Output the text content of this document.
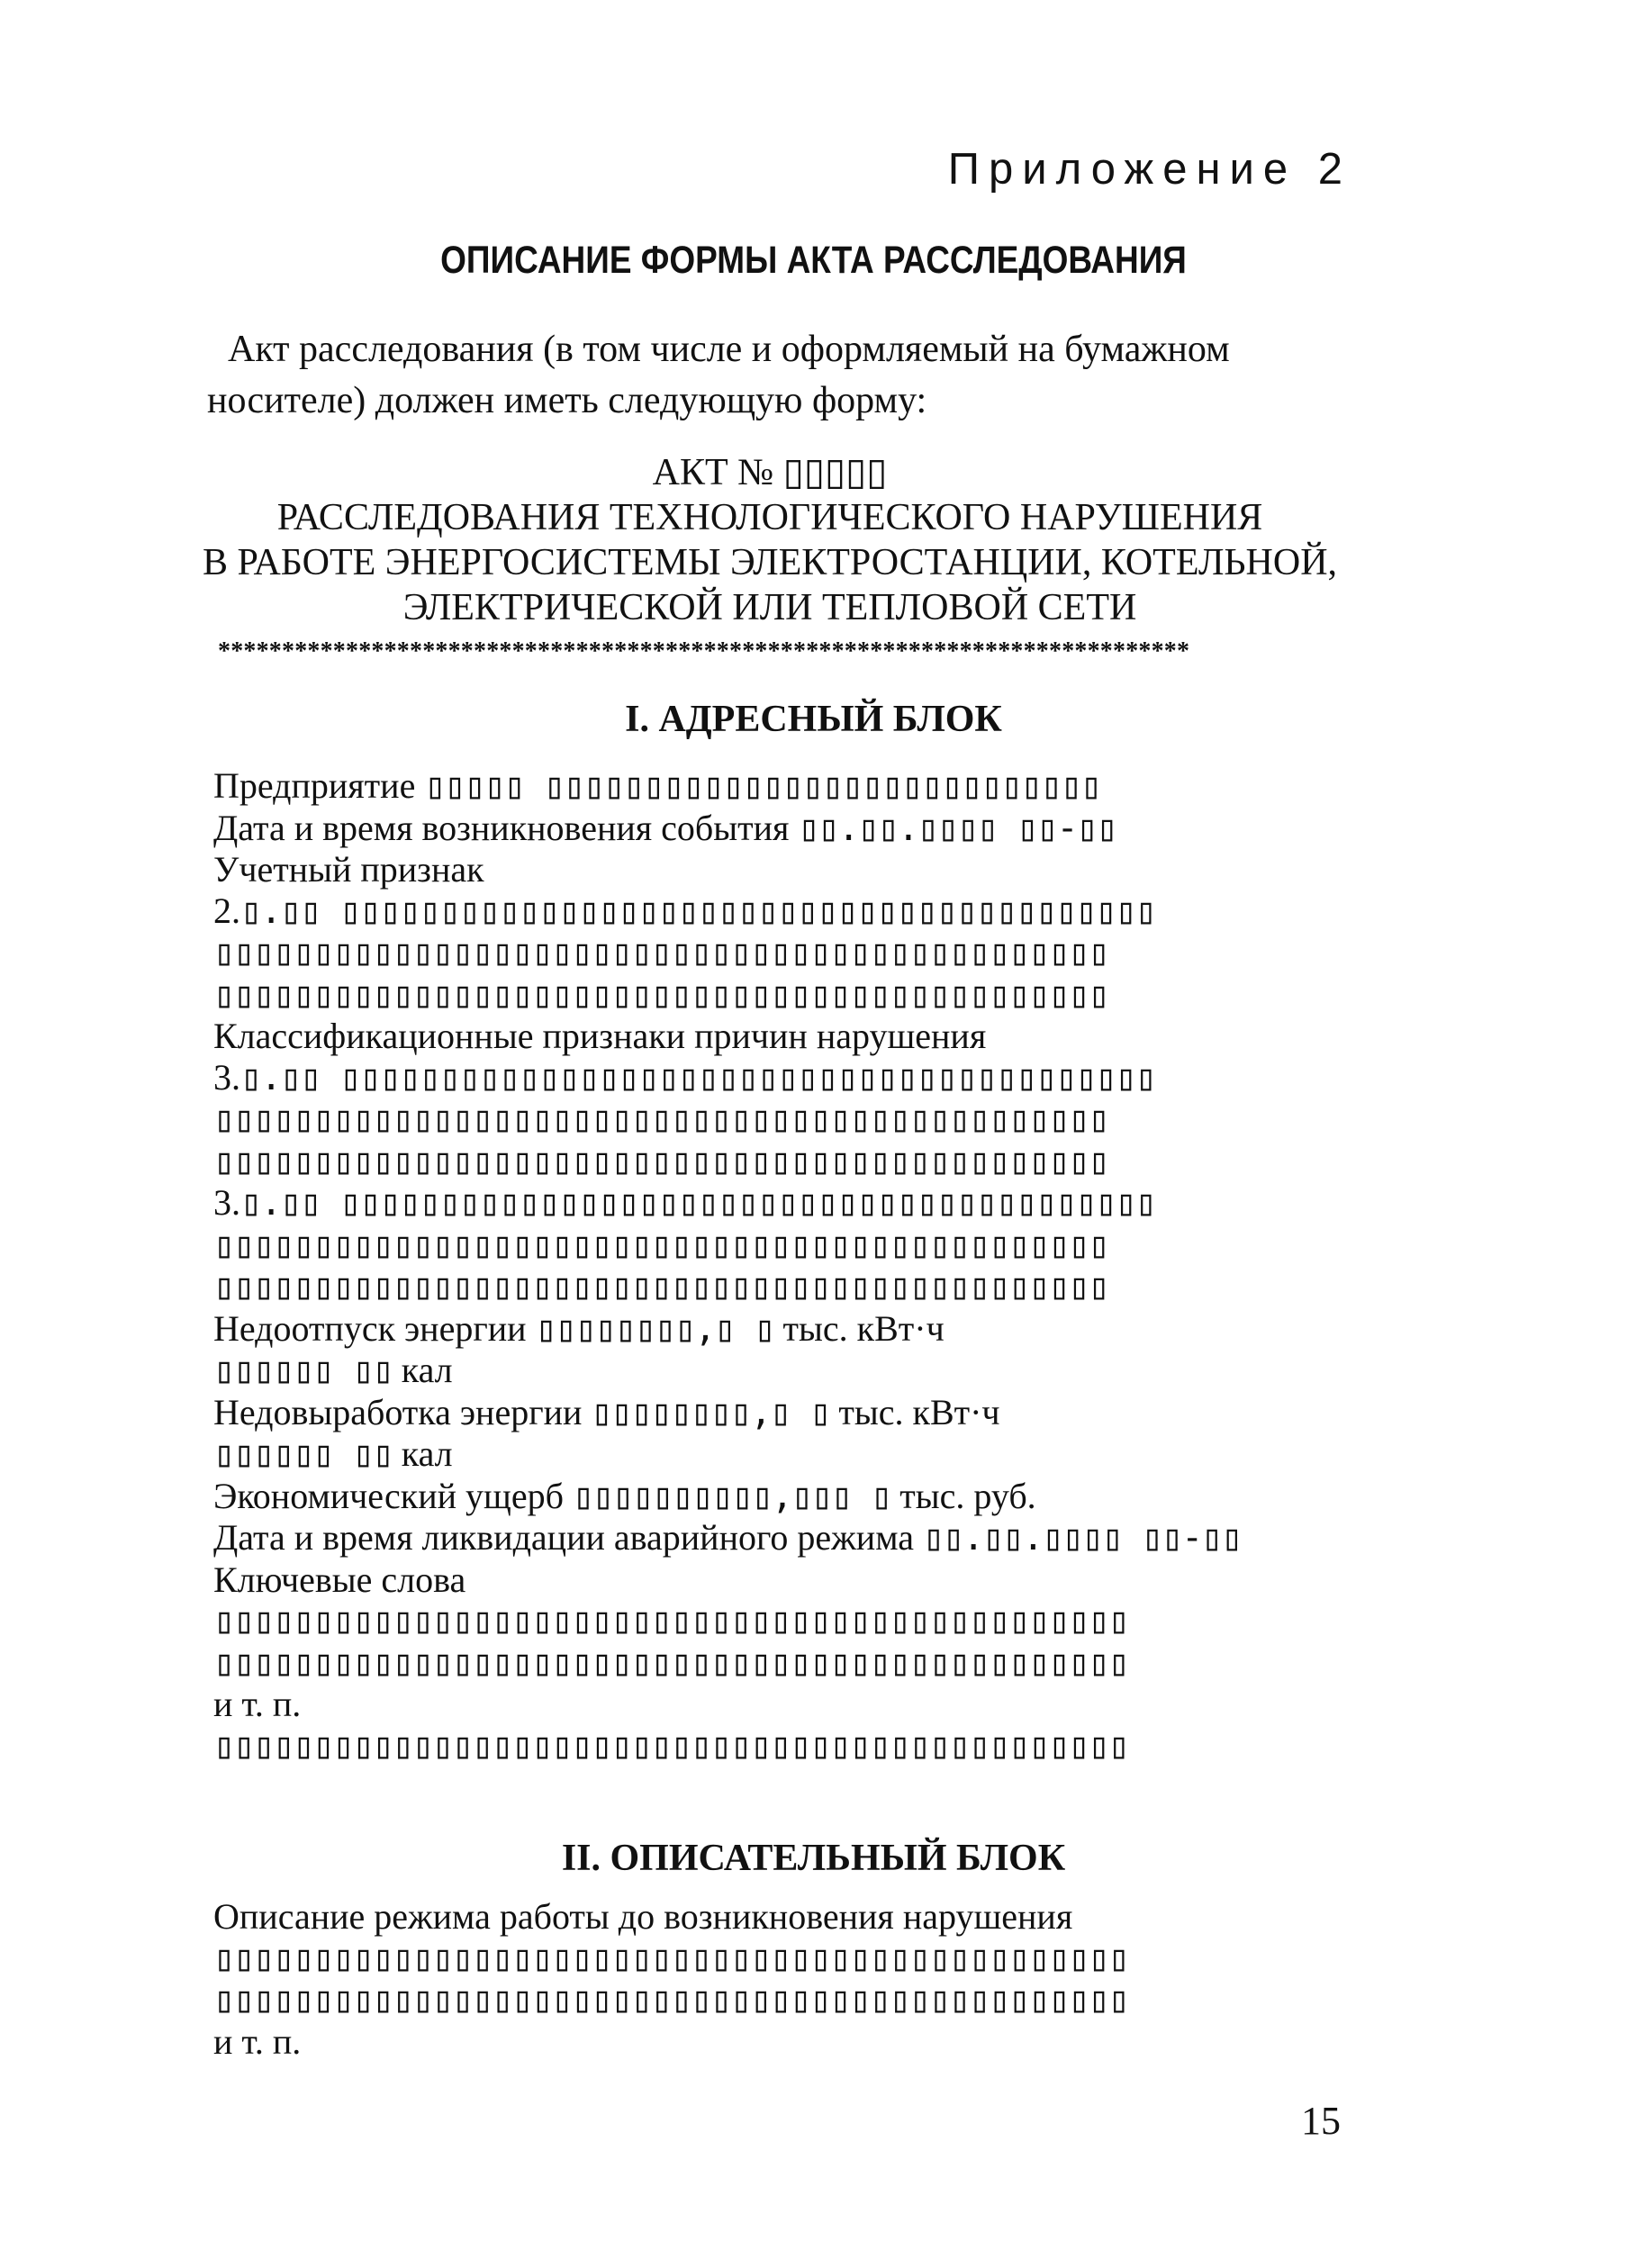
Приложение 2

ОПИСАНИЕ ФОРМЫ АКТА РАССЛЕДОВАНИЯ

Акт расследования (в том числе и оформляемый на бумажном носителе) должен иметь следующую форму:

АКТ № ▯▯▯▯▯
РАССЛЕДОВАНИЯ ТЕХНОЛОГИЧЕСКОГО НАРУШЕНИЯ
В РАБОТЕ ЭНЕРГОСИСТЕМЫ ЭЛЕКТРОСТАНЦИИ, КОТЕЛЬНОЙ,
ЭЛЕКТРИЧЕСКОЙ ИЛИ ТЕПЛОВОЙ СЕТИ
****************************************************************************
I. АДРЕСНЫЙ БЛОК
Предприятие ▯▯▯▯▯ ▯▯▯▯▯▯▯▯▯▯▯▯▯▯▯▯▯▯▯▯▯▯▯▯▯▯▯▯
Дата и время возникновения события ▯▯.▯▯.▯▯▯▯ ▯▯-▯▯
Учетный признак
2.▯.▯▯ ▯▯▯▯▯▯▯▯▯▯▯▯▯▯▯▯▯▯▯▯▯▯▯▯▯▯▯▯▯▯▯▯▯▯▯▯▯▯▯▯▯
▯▯▯▯▯▯▯▯▯▯▯▯▯▯▯▯▯▯▯▯▯▯▯▯▯▯▯▯▯▯▯▯▯▯▯▯▯▯▯▯▯▯▯▯▯
▯▯▯▯▯▯▯▯▯▯▯▯▯▯▯▯▯▯▯▯▯▯▯▯▯▯▯▯▯▯▯▯▯▯▯▯▯▯▯▯▯▯▯▯▯
Классификационные признаки причин нарушения
3.▯.▯▯ ▯▯▯▯▯▯▯▯▯▯▯▯▯▯▯▯▯▯▯▯▯▯▯▯▯▯▯▯▯▯▯▯▯▯▯▯▯▯▯▯▯
▯▯▯▯▯▯▯▯▯▯▯▯▯▯▯▯▯▯▯▯▯▯▯▯▯▯▯▯▯▯▯▯▯▯▯▯▯▯▯▯▯▯▯▯▯
▯▯▯▯▯▯▯▯▯▯▯▯▯▯▯▯▯▯▯▯▯▯▯▯▯▯▯▯▯▯▯▯▯▯▯▯▯▯▯▯▯▯▯▯▯
3.▯.▯▯ ▯▯▯▯▯▯▯▯▯▯▯▯▯▯▯▯▯▯▯▯▯▯▯▯▯▯▯▯▯▯▯▯▯▯▯▯▯▯▯▯▯
▯▯▯▯▯▯▯▯▯▯▯▯▯▯▯▯▯▯▯▯▯▯▯▯▯▯▯▯▯▯▯▯▯▯▯▯▯▯▯▯▯▯▯▯▯
▯▯▯▯▯▯▯▯▯▯▯▯▯▯▯▯▯▯▯▯▯▯▯▯▯▯▯▯▯▯▯▯▯▯▯▯▯▯▯▯▯▯▯▯▯
Недоотпуск энергии ▯▯▯▯▯▯▯▯,▯ ▯ тыс. кВт·ч
▯▯▯▯▯▯ ▯▯ кал
Недовыработка энергии ▯▯▯▯▯▯▯▯,▯ ▯ тыс. кВт·ч
▯▯▯▯▯▯ ▯▯ кал
Экономический ущерб ▯▯▯▯▯▯▯▯▯▯,▯▯▯ ▯ тыс. руб.
Дата и время ликвидации аварийного режима ▯▯.▯▯.▯▯▯▯ ▯▯-▯▯
Ключевые слова
▯▯▯▯▯▯▯▯▯▯▯▯▯▯▯▯▯▯▯▯▯▯▯▯▯▯▯▯▯▯▯▯▯▯▯▯▯▯▯▯▯▯▯▯▯▯
▯▯▯▯▯▯▯▯▯▯▯▯▯▯▯▯▯▯▯▯▯▯▯▯▯▯▯▯▯▯▯▯▯▯▯▯▯▯▯▯▯▯▯▯▯▯
и т. п.
▯▯▯▯▯▯▯▯▯▯▯▯▯▯▯▯▯▯▯▯▯▯▯▯▯▯▯▯▯▯▯▯▯▯▯▯▯▯▯▯▯▯▯▯▯▯
II. ОПИСАТЕЛЬНЫЙ БЛОК
Описание режима работы до возникновения нарушения
▯▯▯▯▯▯▯▯▯▯▯▯▯▯▯▯▯▯▯▯▯▯▯▯▯▯▯▯▯▯▯▯▯▯▯▯▯▯▯▯▯▯▯▯▯▯
▯▯▯▯▯▯▯▯▯▯▯▯▯▯▯▯▯▯▯▯▯▯▯▯▯▯▯▯▯▯▯▯▯▯▯▯▯▯▯▯▯▯▯▯▯▯
и т. п.

15
